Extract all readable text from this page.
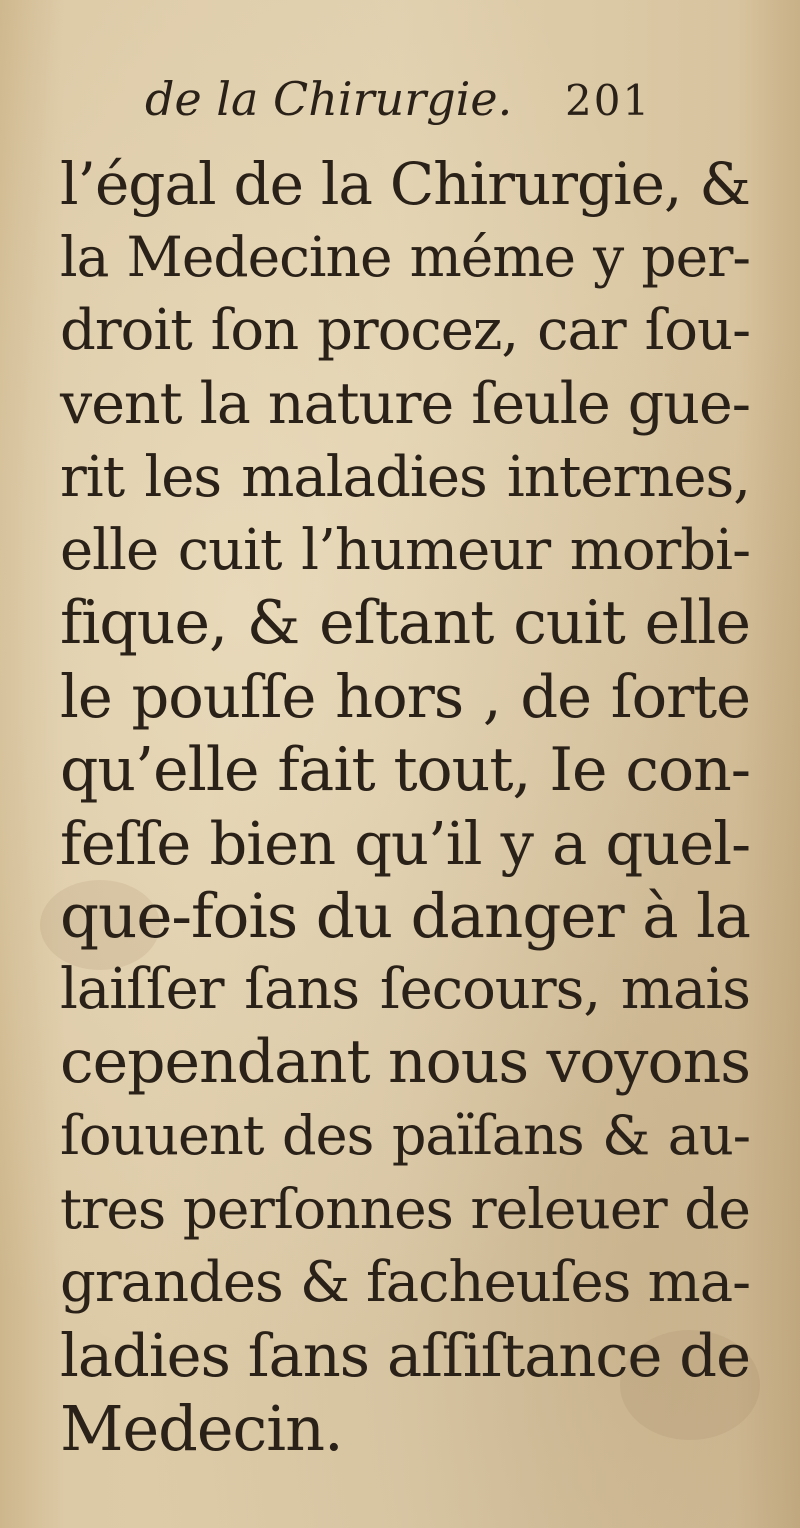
de la Chirurgie. 201
l’égal de la Chirurgie, &
la Medecine méme y per-
droit ſon procez, car ſou-
vent la nature ſeule gue-
rit les maladies internes,
elle cuit l’humeur morbi-
fique, & eſtant cuit elle
le pouſſe hors , de ſorte
qu’elle fait tout, Ie con-
feſſe bien qu’il y a quel-
que-fois du danger à la
laiſſer ſans ſecours, mais
cependant nous voyons
ſouuent des païſans & au-
tres perſonnes releuer de
grandes & facheuſes ma-
ladies ſans aſſiſtance de
Medecin.
